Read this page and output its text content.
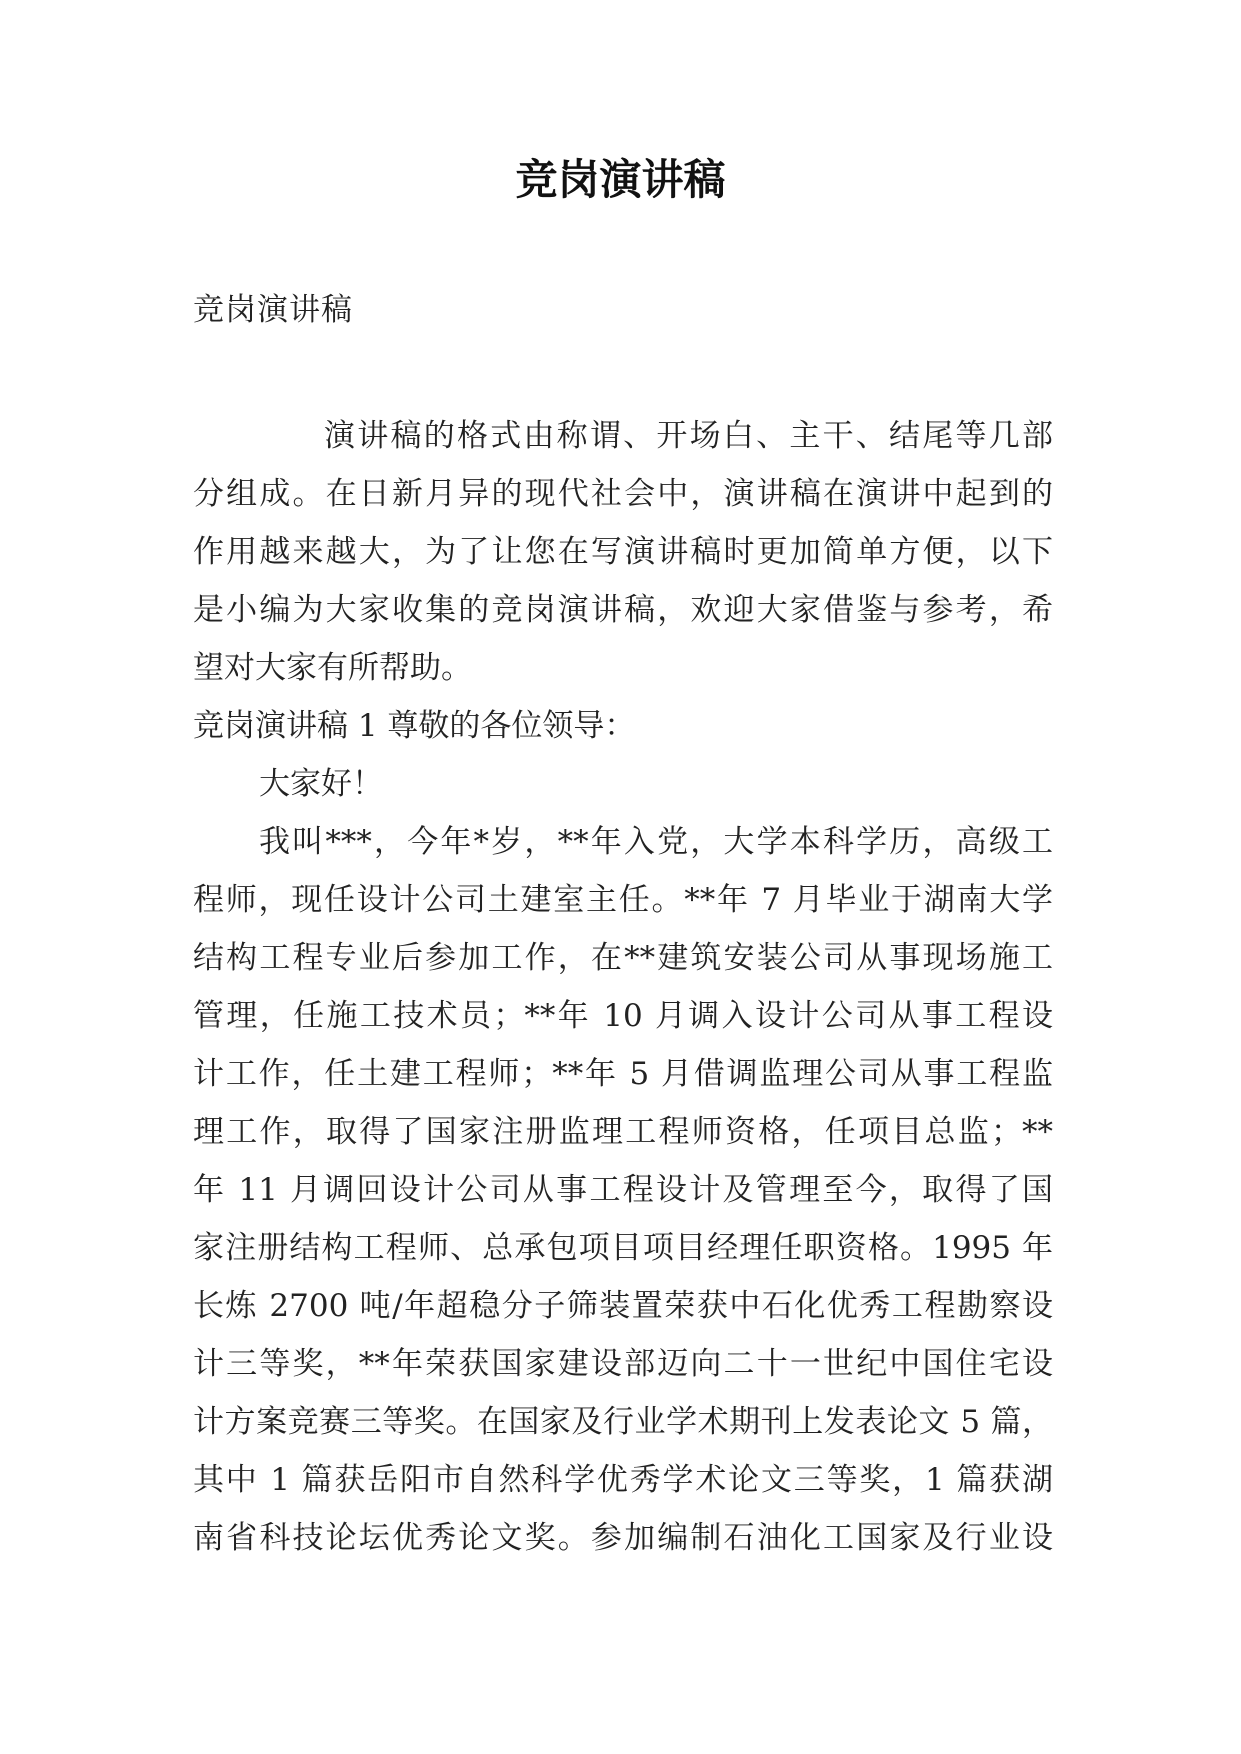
竞岗演讲稿
竞岗演讲稿
演讲稿的格式由称谓、开场白、主干、结尾等几部
分组成。在日新月异的现代社会中，演讲稿在演讲中起到的
作用越来越大，为了让您在写演讲稿时更加简单方便，以下
是小编为大家收集的竞岗演讲稿，欢迎大家借鉴与参考，希
望对大家有所帮助。
竞岗演讲稿 1 尊敬的各位领导：
大家好！
我叫***，今年*岁，**年入党，大学本科学历，高级工
程师，现任设计公司土建室主任。**年 7 月毕业于湖南大学
结构工程专业后参加工作，在**建筑安装公司从事现场施工
管理，任施工技术员；**年 10 月调入设计公司从事工程设
计工作，任土建工程师；**年 5 月借调监理公司从事工程监
理工作，取得了国家注册监理工程师资格，任项目总监；**
年 11 月调回设计公司从事工程设计及管理至今，取得了国
家注册结构工程师、总承包项目项目经理任职资格。1995 年
长炼 2700 吨/年超稳分子筛装置荣获中石化优秀工程勘察设
计三等奖，**年荣获国家建设部迈向二十一世纪中国住宅设
计方案竞赛三等奖。在国家及行业学术期刊上发表论文 5 篇，
其中 1 篇获岳阳市自然科学优秀学术论文三等奖，1 篇获湖
南省科技论坛优秀论文奖。参加编制石油化工国家及行业设
